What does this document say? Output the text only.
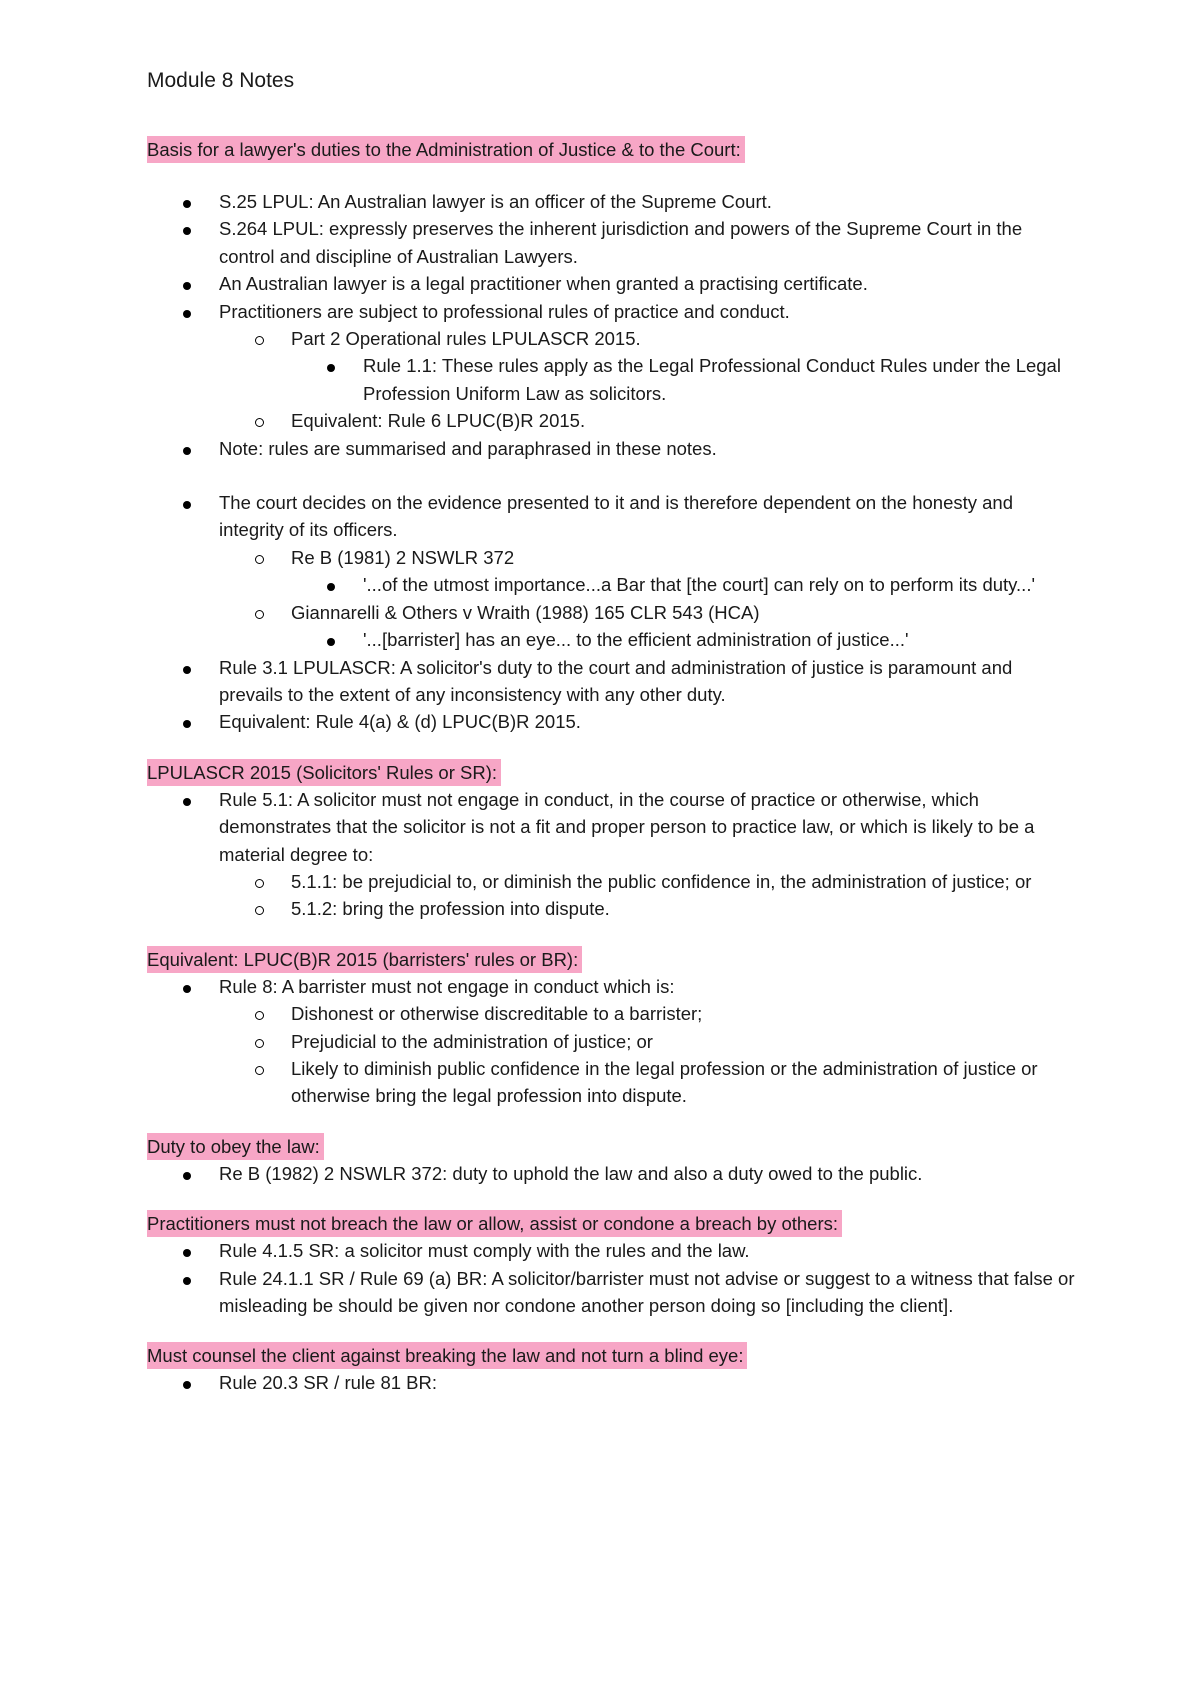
Module 8 Notes
Basis for a lawyer's duties to the Administration of Justice & to the Court:
S.25 LPUL: An Australian lawyer is an officer of the Supreme Court.
S.264 LPUL: expressly preserves the inherent jurisdiction and powers of the Supreme Court in the control and discipline of Australian Lawyers.
An Australian lawyer is a legal practitioner when granted a practising certificate.
Practitioners are subject to professional rules of practice and conduct.
Part 2 Operational rules LPULASCR 2015.
Rule 1.1: These rules apply as the Legal Professional Conduct Rules under the Legal Profession Uniform Law as solicitors.
Equivalent: Rule 6 LPUC(B)R 2015.
Note: rules are summarised and paraphrased in these notes.
The court decides on the evidence presented to it and is therefore dependent on the honesty and integrity of its officers.
Re B (1981) 2 NSWLR 372
'...of the utmost importance...a Bar that [the court] can rely on to perform its duty...'
Giannarelli & Others v Wraith (1988) 165 CLR 543 (HCA)
'...[barrister] has an eye... to the efficient administration of justice...'
Rule 3.1 LPULASCR: A solicitor's duty to the court and administration of justice is paramount and prevails to the extent of any inconsistency with any other duty.
Equivalent: Rule 4(a) & (d) LPUC(B)R 2015.
LPULASCR 2015 (Solicitors' Rules or SR):
Rule 5.1: A solicitor must not engage in conduct, in the course of practice or otherwise, which demonstrates that the solicitor is not a fit and proper person to practice law, or which is likely to be a material degree to:
5.1.1: be prejudicial to, or diminish the public confidence in, the administration of justice; or
5.1.2: bring the profession into dispute.
Equivalent: LPUC(B)R 2015 (barristers' rules or BR):
Rule 8: A barrister must not engage in conduct which is:
Dishonest or otherwise discreditable to a barrister;
Prejudicial to the administration of justice; or
Likely to diminish public confidence in the legal profession or the administration of justice or otherwise bring the legal profession into dispute.
Duty to obey the law:
Re B (1982) 2 NSWLR 372: duty to uphold the law and also a duty owed to the public.
Practitioners must not breach the law or allow, assist or condone a breach by others:
Rule 4.1.5 SR: a solicitor must comply with the rules and the law.
Rule 24.1.1 SR / Rule 69 (a) BR: A solicitor/barrister must not advise or suggest to a witness that false or misleading be should be given nor condone another person doing so [including the client].
Must counsel the client against breaking the law and not turn a blind eye:
Rule 20.3 SR / rule 81 BR:
